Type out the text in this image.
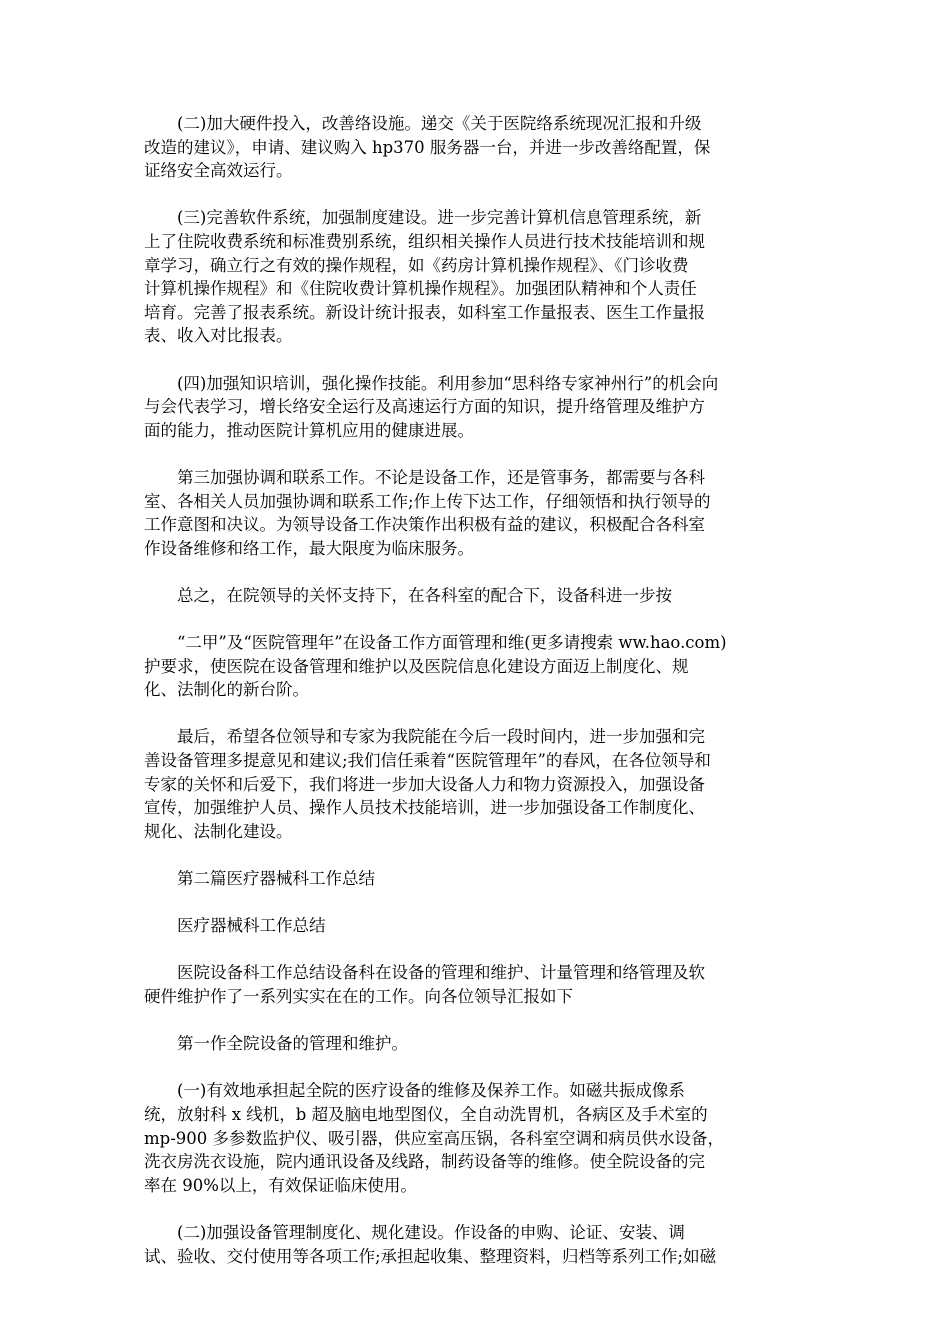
(二)加大硬件投入，改善络设施。递交《关于医院络系统现况汇报和升级
改造的建议》，申请、建议购入 hp370 服务器一台，并进一步改善络配置，保
证络安全高效运行。
(三)完善软件系统，加强制度建设。进一步完善计算机信息管理系统，新
上了住院收费系统和标准费别系统，组织相关操作人员进行技术技能培训和规
章学习，确立行之有效的操作规程，如《药房计算机操作规程》、《门诊收费
计算机操作规程》和《住院收费计算机操作规程》。加强团队精神和个人责任
培育。完善了报表系统。新设计统计报表，如科室工作量报表、医生工作量报
表、收入对比报表。
(四)加强知识培训，强化操作技能。利用参加“思科络专家神州行”的机会向
与会代表学习，增长络安全运行及高速运行方面的知识，提升络管理及维护方
面的能力，推动医院计算机应用的健康进展。
第三加强协调和联系工作。不论是设备工作，还是管事务，都需要与各科
室、各相关人员加强协调和联系工作;作上传下达工作，仔细领悟和执行领导的
工作意图和决议。为领导设备工作决策作出积极有益的建议，积极配合各科室
作设备维修和络工作，最大限度为临床服务。
总之，在院领导的关怀支持下，在各科室的配合下，设备科进一步按
“二甲”及“医院管理年”在设备工作方面管理和维(更多请搜索 ww.hao.com)
护要求，使医院在设备管理和维护以及医院信息化建设方面迈上制度化、规
化、法制化的新台阶。
最后，希望各位领导和专家为我院能在今后一段时间内，进一步加强和完
善设备管理多提意见和建议;我们信任乘着“医院管理年”的春风，在各位领导和
专家的关怀和后爱下，我们将进一步加大设备人力和物力资源投入，加强设备
宣传，加强维护人员、操作人员技术技能培训，进一步加强设备工作制度化、
规化、法制化建设。
第二篇医疗器械科工作总结
医疗器械科工作总结
医院设备科工作总结设备科在设备的管理和维护、计量管理和络管理及软
硬件维护作了一系列实实在在的工作。向各位领导汇报如下
第一作全院设备的管理和维护。
(一)有效地承担起全院的医疗设备的维修及保养工作。如磁共振成像系
统，放射科 x 线机，b 超及脑电地型图仪，全自动洗胃机，各病区及手术室的
mp-900 多参数监护仪、吸引器，供应室高压锅，各科室空调和病员供水设备，
洗衣房洗衣设施，院内通讯设备及线路，制药设备等的维修。使全院设备的完
率在 90%以上，有效保证临床使用。
(二)加强设备管理制度化、规化建设。作设备的申购、论证、安装、调
试、验收、交付使用等各项工作;承担起收集、整理资料，归档等系列工作;如磁
